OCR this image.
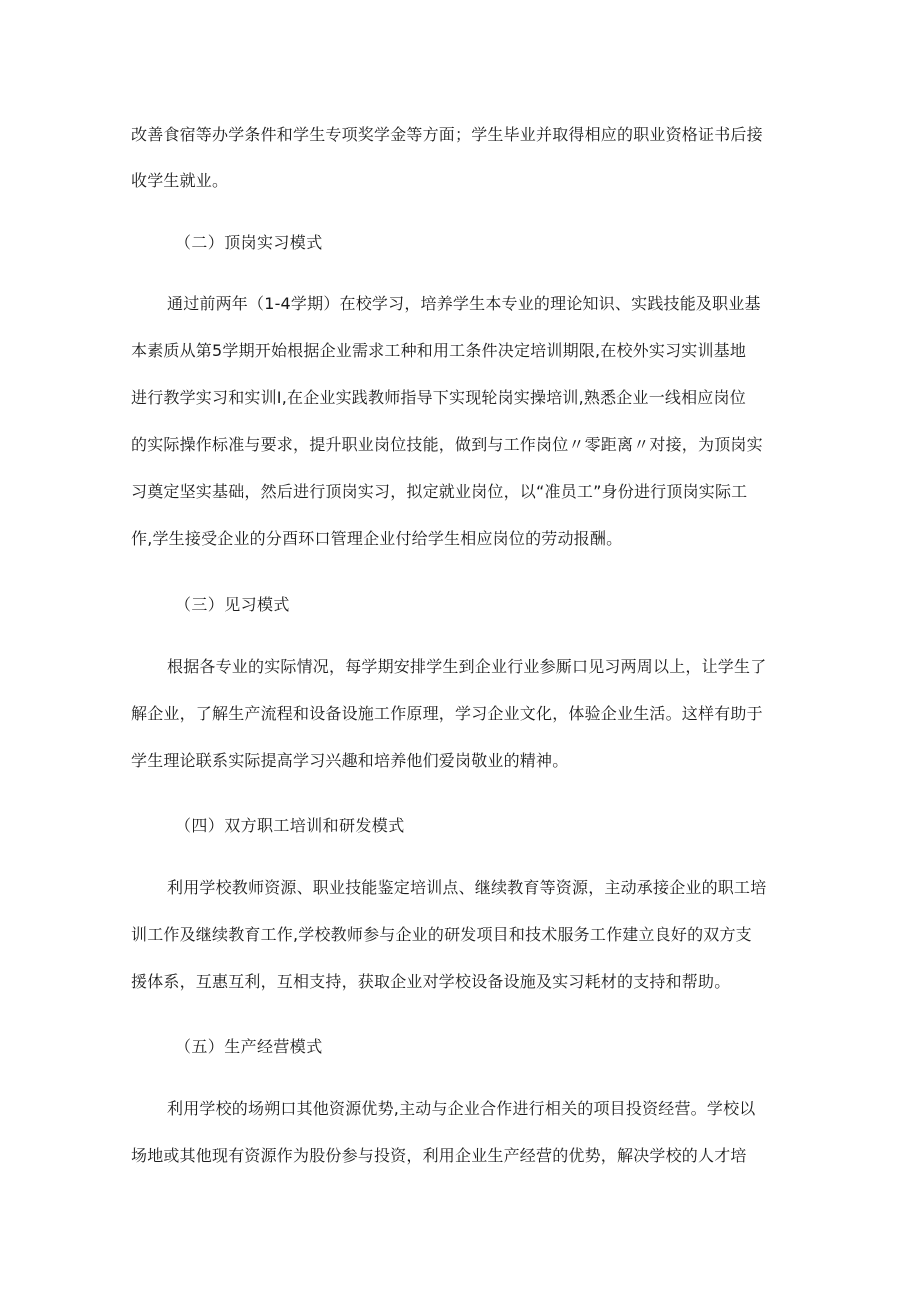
改善食宿等办学条件和学生专项奖学金等方面；学生毕业并取得相应的职业资格证书后接
收学生就业。
（二）顶岗实习模式
通过前两年（1-4学期）在校学习，培养学生本专业的理论知识、实践技能及职业基
本素质从第5学期开始根据企业需求工种和用工条件决定培训期限,在校外实习实训基地
进行教学实习和实训Ⅰ,在企业实践教师指导下实现轮岗实操培训,熟悉企业一线相应岗位
的实际操作标准与要求，提升职业岗位技能，做到与工作岗位〃零距离〃对接，为顶岗实
习奠定坚实基础，然后进行顶岗实习，拟定就业岗位，以“准员工”身份进行顶岗实际工
作,学生接受企业的分酉环口管理企业付给学生相应岗位的劳动报酬。
（三）见习模式
根据各专业的实际情况，每学期安排学生到企业行业参厮口见习两周以上，让学生了
解企业，了解生产流程和设备设施工作原理，学习企业文化，体验企业生活。这样有助于
学生理论联系实际提高学习兴趣和培养他们爱岗敬业的精神。
（四）双方职工培训和研发模式
利用学校教师资源、职业技能鉴定培训点、继续教育等资源，主动承接企业的职工培
训工作及继续教育工作,学校教师参与企业的研发项目和技术服务工作建立良好的双方支
援体系，互惠互利，互相支持，获取企业对学校设备设施及实习耗材的支持和帮助。
（五）生产经营模式
利用学校的场朔口其他资源优势,主动与企业合作进行相关的项目投资经营。学校以
场地或其他现有资源作为股份参与投资，利用企业生产经营的优势，解决学校的人才培
